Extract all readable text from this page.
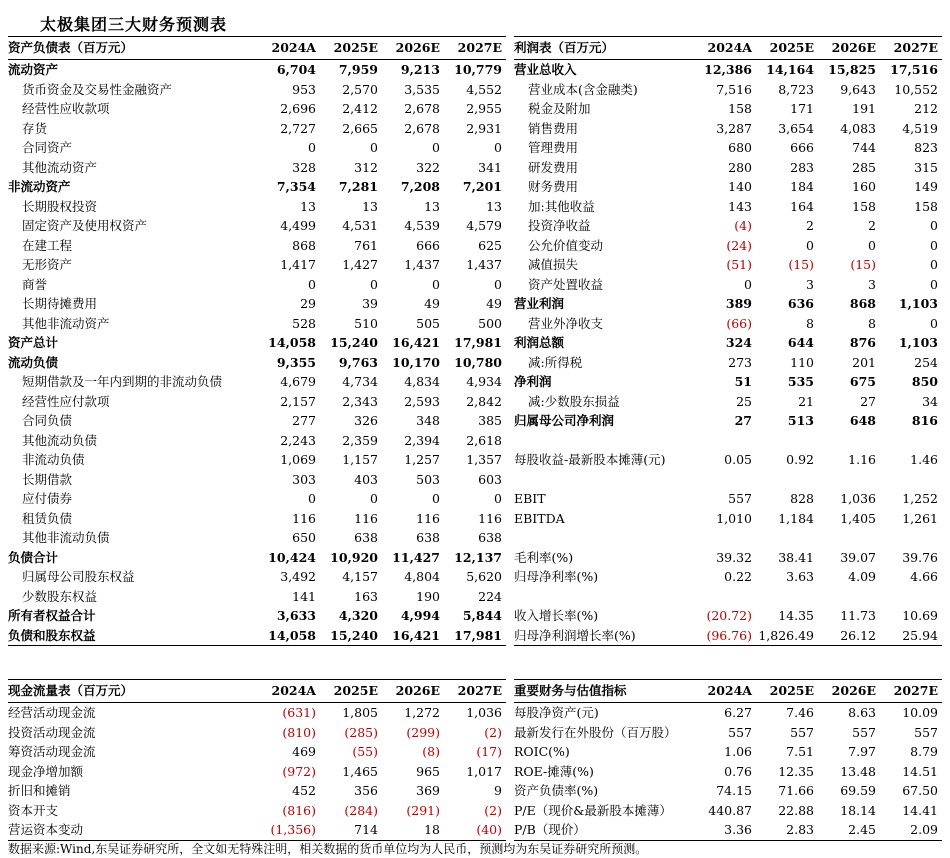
太极集团三大财务预测表
资产负债表（百万元）	2024A	2025E	2026E	2027E
流动资产	6,704	7,959	9,213	10,779
货币资金及交易性金融资产	953	2,570	3,535	4,552
经营性应收款项	2,696	2,412	2,678	2,955
存货	2,727	2,665	2,678	2,931
合同资产	0	0	0	0
其他流动资产	328	312	322	341
非流动资产	7,354	7,281	7,208	7,201
长期股权投资	13	13	13	13
固定资产及使用权资产	4,499	4,531	4,539	4,579
在建工程	868	761	666	625
无形资产	1,417	1,427	1,437	1,437
商誉	0	0	0	0
长期待摊费用	29	39	49	49
其他非流动资产	528	510	505	500
资产总计	14,058	15,240	16,421	17,981
流动负债	9,355	9,763	10,170	10,780
短期借款及一年内到期的非流动负债	4,679	4,734	4,834	4,934
经营性应付款项	2,157	2,343	2,593	2,842
合同负债	277	326	348	385
其他流动负债	2,243	2,359	2,394	2,618
非流动负债	1,069	1,157	1,257	1,357
长期借款	303	403	503	603
应付债券	0	0	0	0
租赁负债	116	116	116	116
其他非流动负债	650	638	638	638
负债合计	10,424	10,920	11,427	12,137
归属母公司股东权益	3,492	4,157	4,804	5,620
少数股东权益	141	163	190	224
所有者权益合计	3,633	4,320	4,994	5,844
负债和股东权益	14,058	15,240	16,421	17,981
利润表（百万元）	2024A	2025E	2026E	2027E
营业总收入	12,386	14,164	15,825	17,516
营业成本(含金融类)	7,516	8,723	9,643	10,552
税金及附加	158	171	191	212
销售费用	3,287	3,654	4,083	4,519
管理费用	680	666	744	823
研发费用	280	283	285	315
财务费用	140	184	160	149
加:其他收益	143	164	158	158
投资净收益	(4)	2	2	0
公允价值变动	(24)	0	0	0
减值损失	(51)	(15)	(15)	0
资产处置收益	0	3	3	0
营业利润	389	636	868	1,103
营业外净收支	(66)	8	8	0
利润总额	324	644	876	1,103
减:所得税	273	110	201	254
净利润	51	535	675	850
减:少数股东损益	25	21	27	34
归属母公司净利润	27	513	648	816

每股收益-最新股本摊薄(元)	0.05	0.92	1.16	1.46

EBIT	557	828	1,036	1,252
EBITDA	1,010	1,184	1,405	1,261

毛利率(%)	39.32	38.41	39.07	39.76
归母净利率(%)	0.22	3.63	4.09	4.66

收入增长率(%)	(20.72)	14.35	11.73	10.69
归母净利润增长率(%)	(96.76)	1,826.49	26.12	25.94
现金流量表（百万元）	2024A	2025E	2026E	2027E
经营活动现金流	(631)	1,805	1,272	1,036
投资活动现金流	(810)	(285)	(299)	(2)
筹资活动现金流	469	(55)	(8)	(17)
现金净增加额	(972)	1,465	965	1,017
折旧和摊销	452	356	369	9
资本开支	(816)	(284)	(291)	(2)
营运资本变动	(1,356)	714	18	(40)
重要财务与估值指标	2024A	2025E	2026E	2027E
每股净资产(元)	6.27	7.46	8.63	10.09
最新发行在外股份（百万股）	557	557	557	557
ROIC(%)	1.06	7.51	7.97	8.79
ROE-摊薄(%)	0.76	12.35	13.48	14.51
资产负债率(%)	74.15	71.66	69.59	67.50
P/E（现价&最新股本摊薄）	440.87	22.88	18.14	14.41
P/B（现价）	3.36	2.83	2.45	2.09
数据来源:Wind,东吴证券研究所，全文如无特殊注明，相关数据的货币单位均为人民币，预测均为东吴证券研究所预测。
